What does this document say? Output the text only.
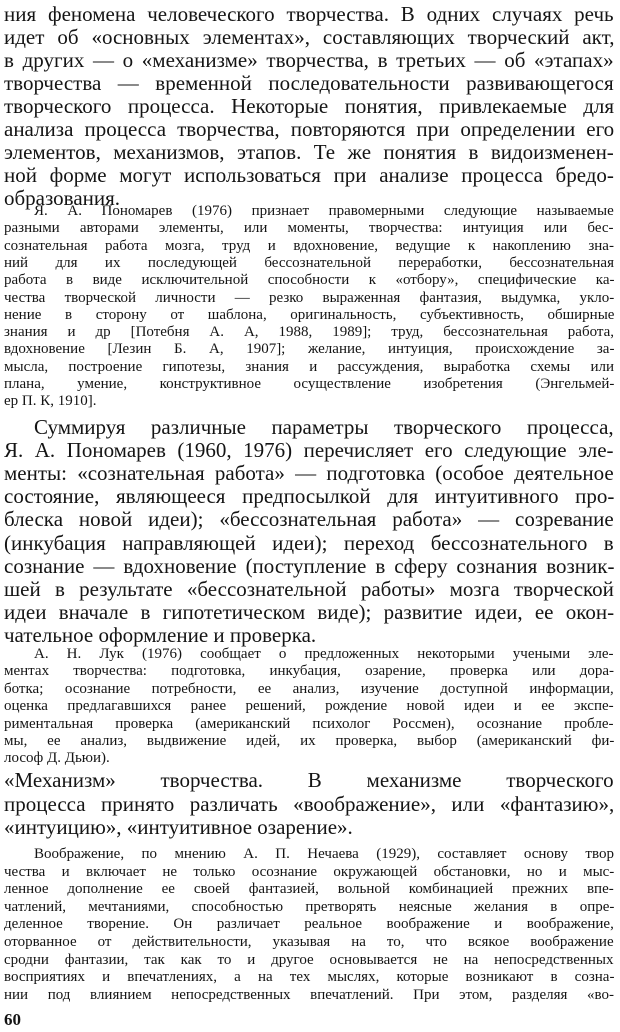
ния феномена человеческого творчества. В одних случаях речь
идет об «основных элементах», составляющих творческий акт,
в других — о «механизме» творчества, в третьих — об «этапах»
творчества — временной последовательности развивающегося
творческого процесса. Некоторые понятия, привлекаемые для
анализа процесса творчества, повторяются при определении его
элементов, механизмов, этапов. Те же понятия в видоизменен-
ной форме могут использоваться при анализе процесса бредо-
образования.
Я. А. Пономарев (1976) признает правомерными следующие называемые
разными авторами элементы, или моменты, творчества: интуиция или бес-
сознательная работа мозга, труд и вдохновение, ведущие к накоплению зна-
ний для их последующей бессознательной переработки, бессознательная
работа в виде исключительной способности к «отбору», специфические ка-
чества творческой личности — резко выраженная фантазия, выдумка, укло-
нение в сторону от шаблона, оригинальность, субъективность, обширные
знания и др [Потебня А. А, 1988, 1989]; труд, бессознательная работа,
вдохновение [Лезин Б. А, 1907]; желание, интуиция, происхождение за-
мысла, построение гипотезы, знания и рассуждения, выработка схемы или
плана, умение, конструктивное осуществление изобретения (Энгельмей-
ер П. К, 1910].
Суммируя различные параметры творческого процесса,
Я. А. Пономарев (1960, 1976) перечисляет его следующие эле-
менты: «сознательная работа» — подготовка (особое деятельное
состояние, являющееся предпосылкой для интуитивного про-
блеска новой идеи); «бессознательная работа» — созревание
(инкубация направляющей идеи); переход бессознательного в
сознание — вдохновение (поступление в сферу сознания возник-
шей в результате «бессознательной работы» мозга творческой
идеи вначале в гипотетическом виде); развитие идеи, ее окон-
чательное оформление и проверка.
А. Н. Лук (1976) сообщает о предложенных некоторыми учеными эле-
ментах творчества: подготовка, инкубация, озарение, проверка или дора-
ботка; осознание потребности, ее анализ, изучение доступной информации,
оценка предлагавшихся ранее решений, рождение новой идеи и ее экспе-
риментальная проверка (американский психолог Россмен), осознание пробле-
мы, ее анализ, выдвижение идей, их проверка, выбор (американский фи-
лософ Д. Дьюи).
«Механизм» творчества. В механизме творческого
процесса принято различать «воображение», или «фантазию»,
«интуицию», «интуитивное озарение».
Воображение, по мнению А. П. Нечаева (1929), составляет основу твор
чества и включает не только осознание окружающей обстановки, но и мыс-
ленное дополнение ее своей фантазией, вольной комбинацией прежних впе-
чатлений, мечтаниями, способностью претворять неясные желания в опре-
деленное творение. Он различает реальное воображение и воображение,
оторванное от действительности, указывая на то, что всякое воображение
сродни фантазии, так как то и другое основывается не на непосредственных
восприятиях и впечатлениях, а на тех мыслях, которые возникают в созна-
нии под влиянием непосредственных впечатлений. При этом, разделяя «во-
60
